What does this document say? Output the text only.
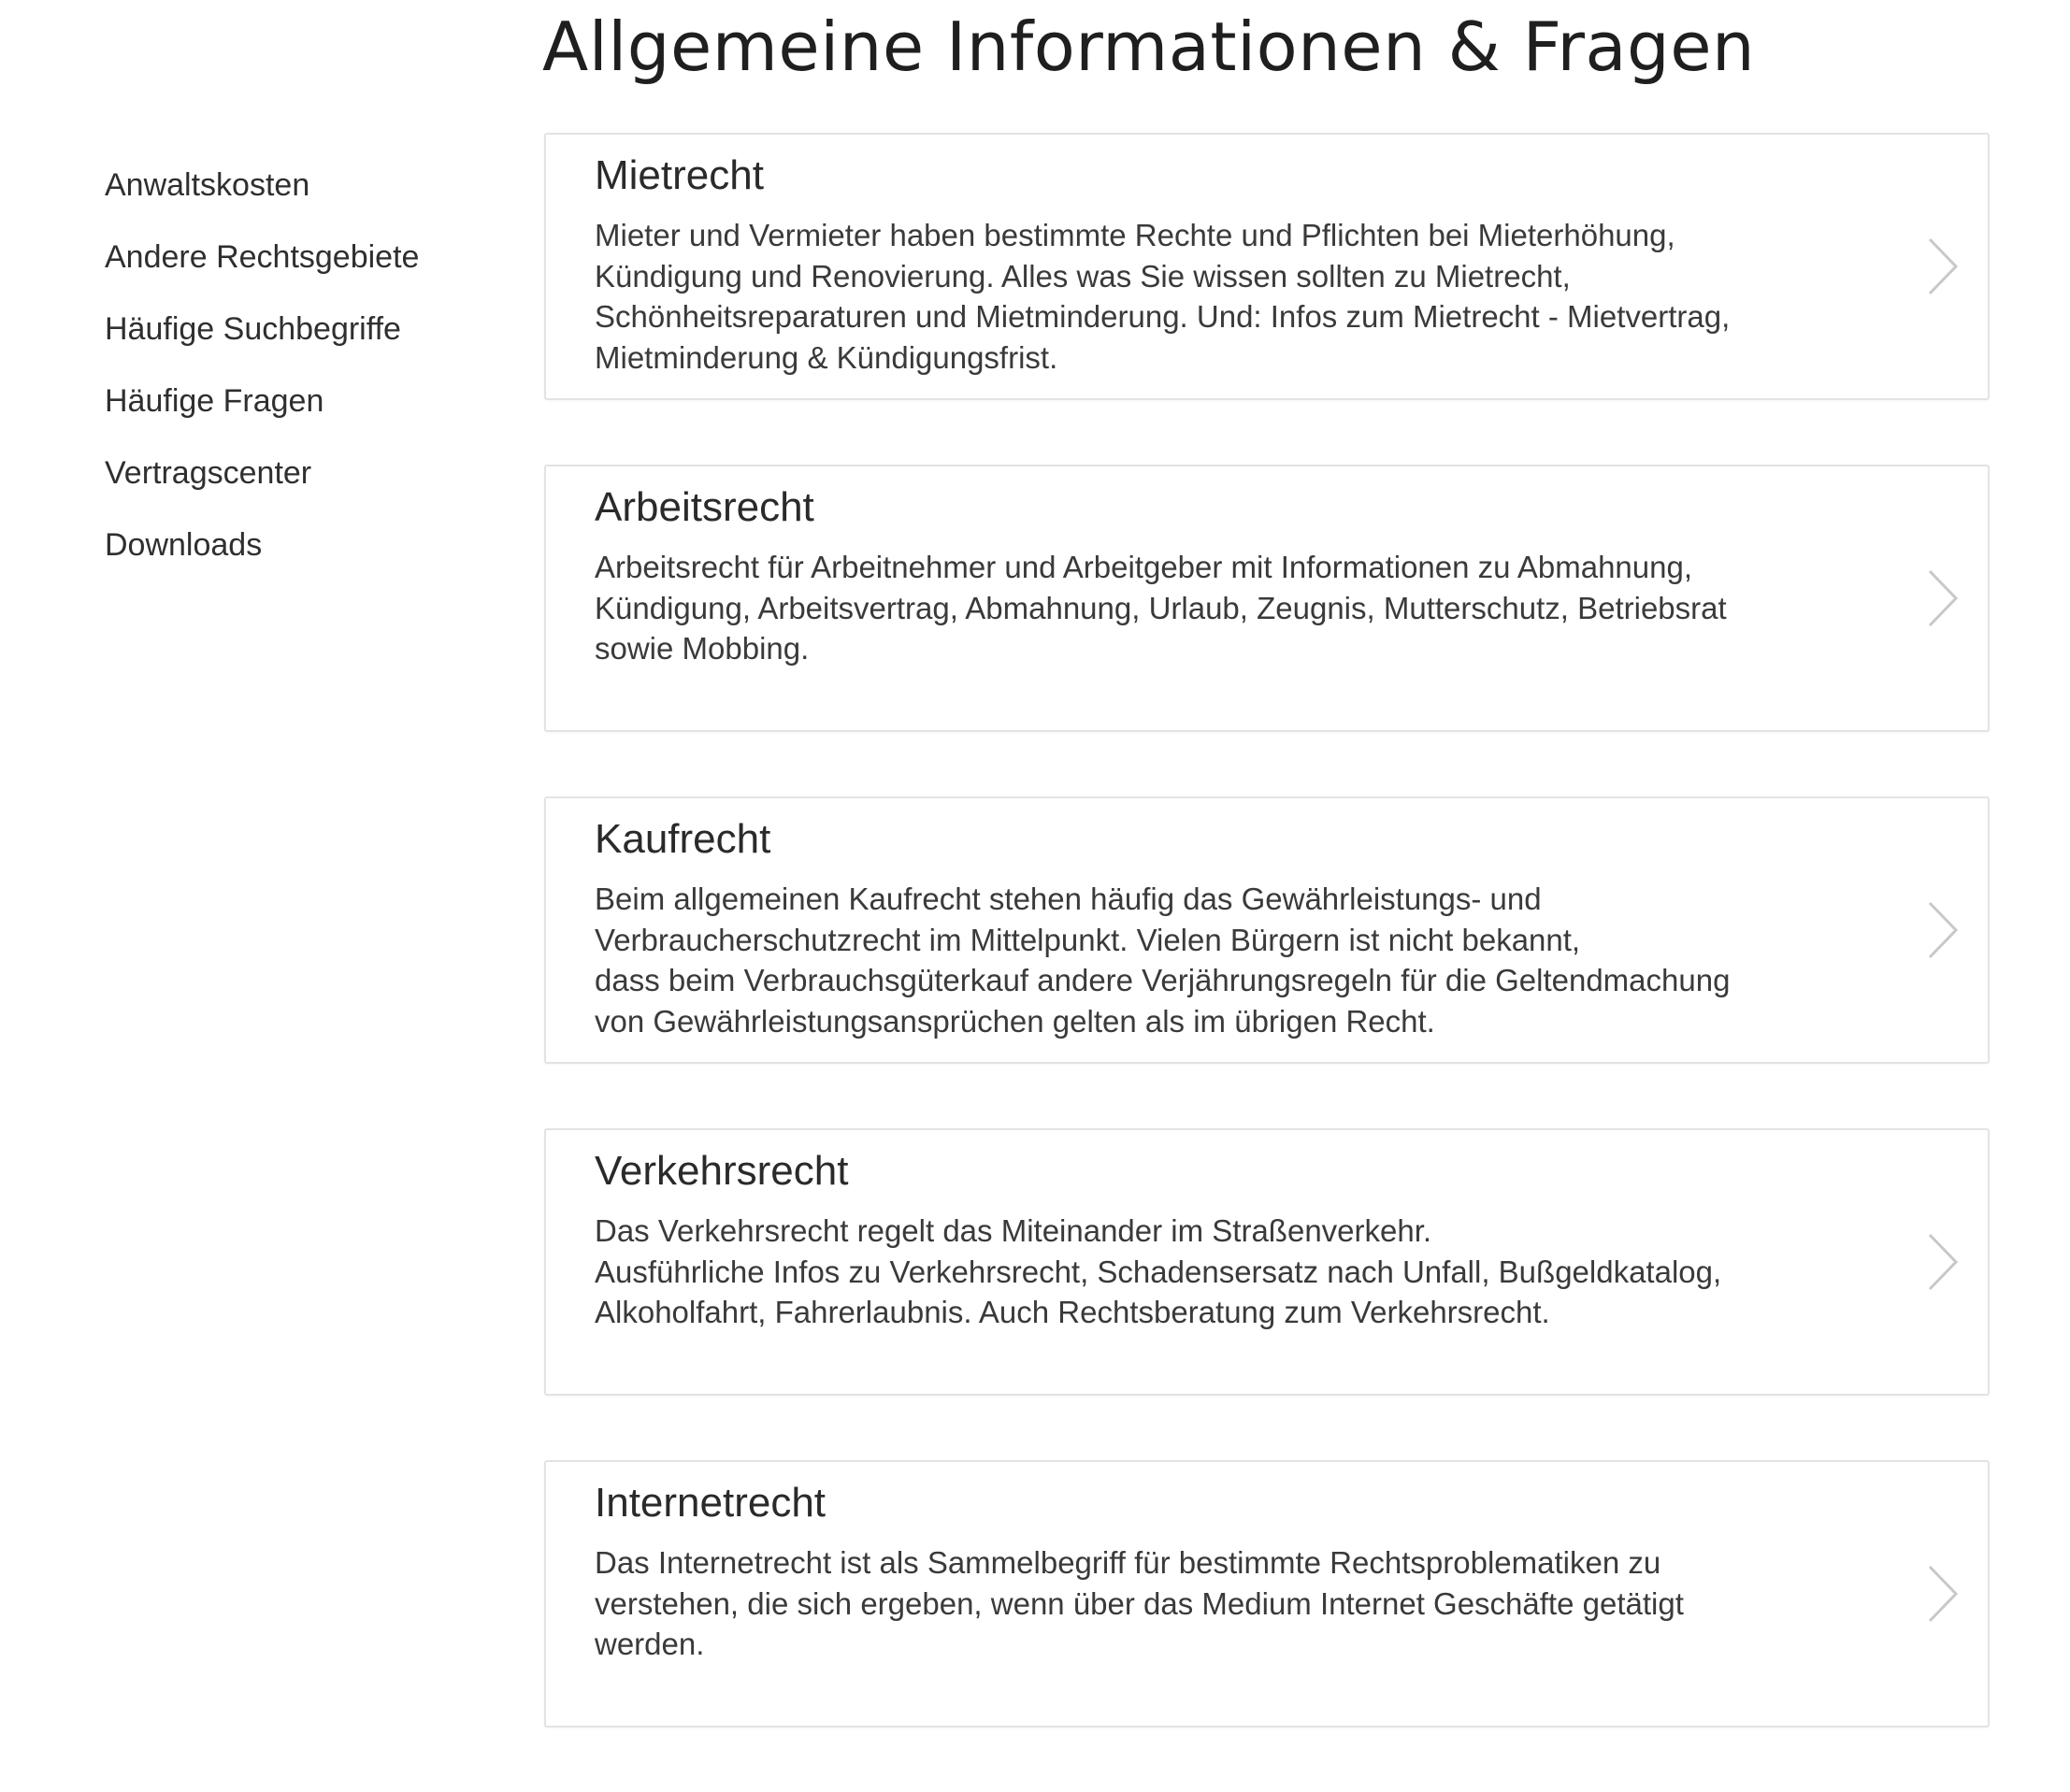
Allgemeine Informationen & Fragen
Anwaltskosten
Andere Rechtsgebiete
Häufige Suchbegriffe
Häufige Fragen
Vertragscenter
Downloads
Mietrecht

Mieter und Vermieter haben bestimmte Rechte und Pflichten bei Mieterhöhung,
Kündigung und Renovierung. Alles was Sie wissen sollten zu Mietrecht,
Schönheitsreparaturen und Mietminderung. Und: Infos zum Mietrecht - Mietvertrag,
Mietminderung & Kündigungsfrist.

Arbeitsrecht

Arbeitsrecht für Arbeitnehmer und Arbeitgeber mit Informationen zu Abmahnung,
Kündigung, Arbeitsvertrag, Abmahnung, Urlaub, Zeugnis, Mutterschutz, Betriebsrat
sowie Mobbing.

Kaufrecht

Beim allgemeinen Kaufrecht stehen häufig das Gewährleistungs- und
Verbraucherschutzrecht im Mittelpunkt. Vielen Bürgern ist nicht bekannt,
dass beim Verbrauchsgüterkauf andere Verjährungsregeln für die Geltendmachung
von Gewährleistungsansprüchen gelten als im übrigen Recht.

Verkehrsrecht

Das Verkehrsrecht regelt das Miteinander im Straßenverkehr.
Ausführliche Infos zu Verkehrsrecht, Schadensersatz nach Unfall, Bußgeldkatalog,
Alkoholfahrt, Fahrerlaubnis. Auch Rechtsberatung zum Verkehrsrecht.

Internetrecht

Das Internetrecht ist als Sammelbegriff für bestimmte Rechtsproblematiken zu
verstehen, die sich ergeben, wenn über das Medium Internet Geschäfte getätigt
werden.
